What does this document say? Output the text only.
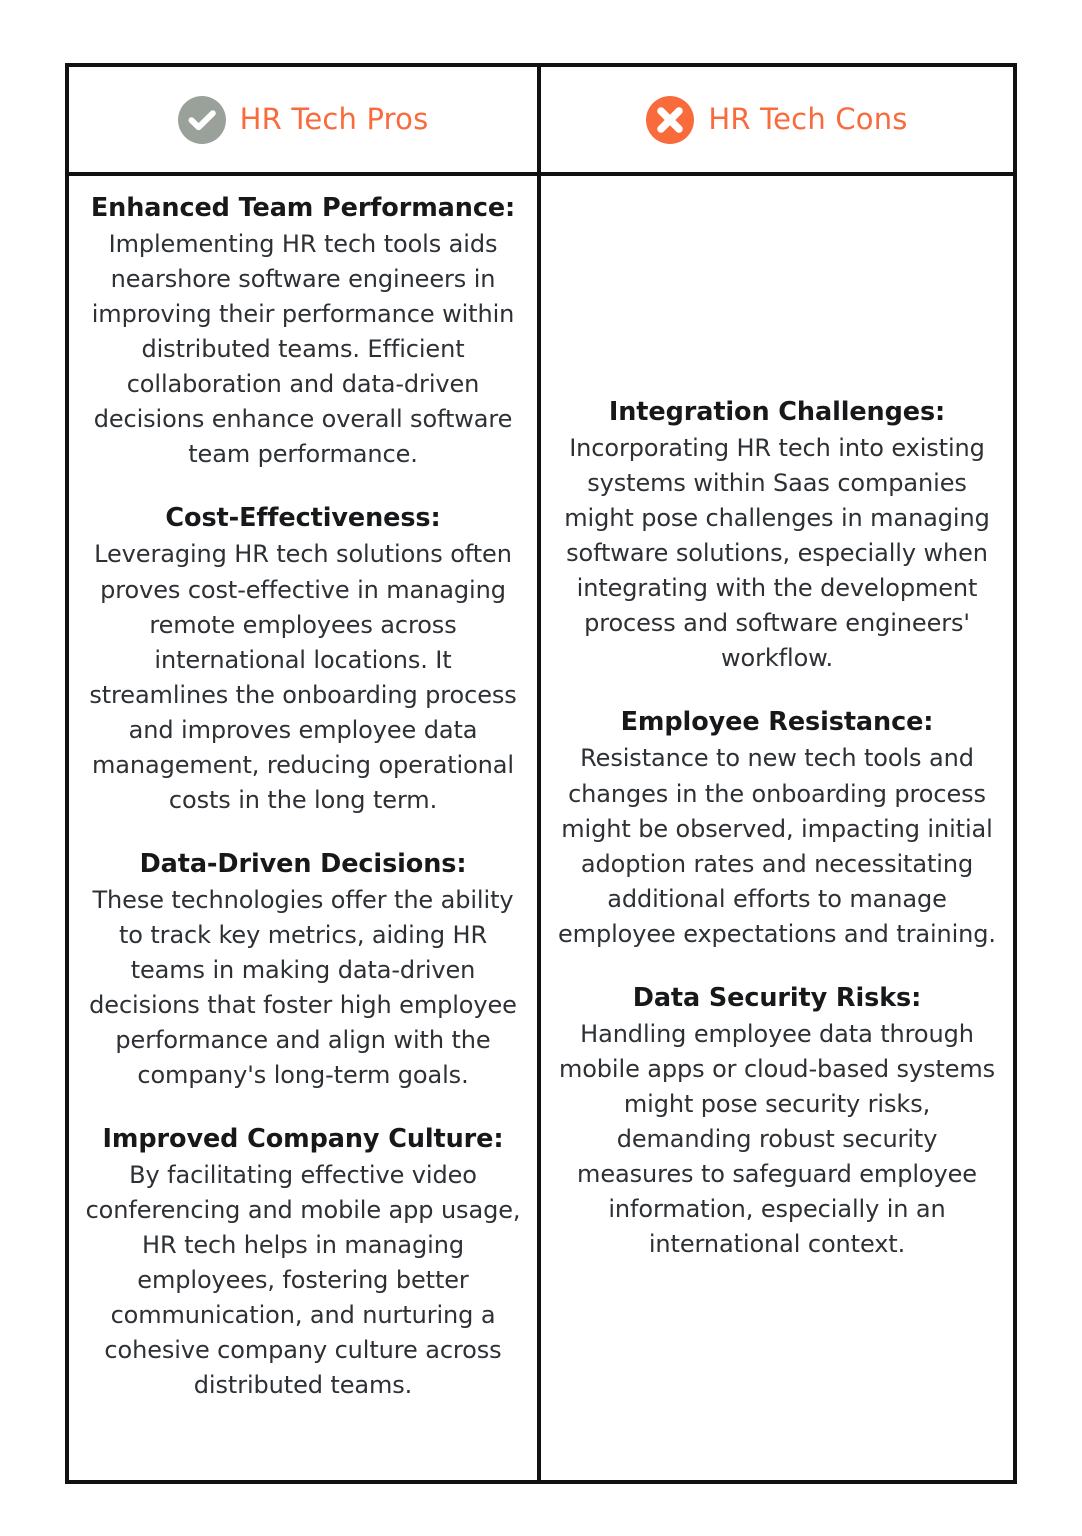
HR Tech Pros	HR Tech Cons

Enhanced Team Performance:

Implementing HR tech tools aids nearshore software engineers in improving their performance within distributed teams. Efficient collaboration and data-driven decisions enhance overall software team performance.

Cost-Effectiveness:

Leveraging HR tech solutions often proves cost-effective in managing remote employees across international locations. It streamlines the onboarding process and improves employee data management, reducing operational costs in the long term.

Data-Driven Decisions:

These technologies offer the ability to track key metrics, aiding HR teams in making data-driven decisions that foster high employee performance and align with the company's long-term goals.

Improved Company Culture:

By facilitating effective video conferencing and mobile app usage, HR tech helps in managing employees, fostering better communication, and nurturing a cohesive company culture across distributed teams.

Integration Challenges:

Incorporating HR tech into existing systems within Saas companies might pose challenges in managing software solutions, especially when integrating with the development process and software engineers' workflow.

Employee Resistance:

Resistance to new tech tools and changes in the onboarding process might be observed, impacting initial adoption rates and necessitating additional efforts to manage employee expectations and training.

Data Security Risks:

Handling employee data through mobile apps or cloud-based systems might pose security risks, demanding robust security measures to safeguard employee information, especially in an international context.
